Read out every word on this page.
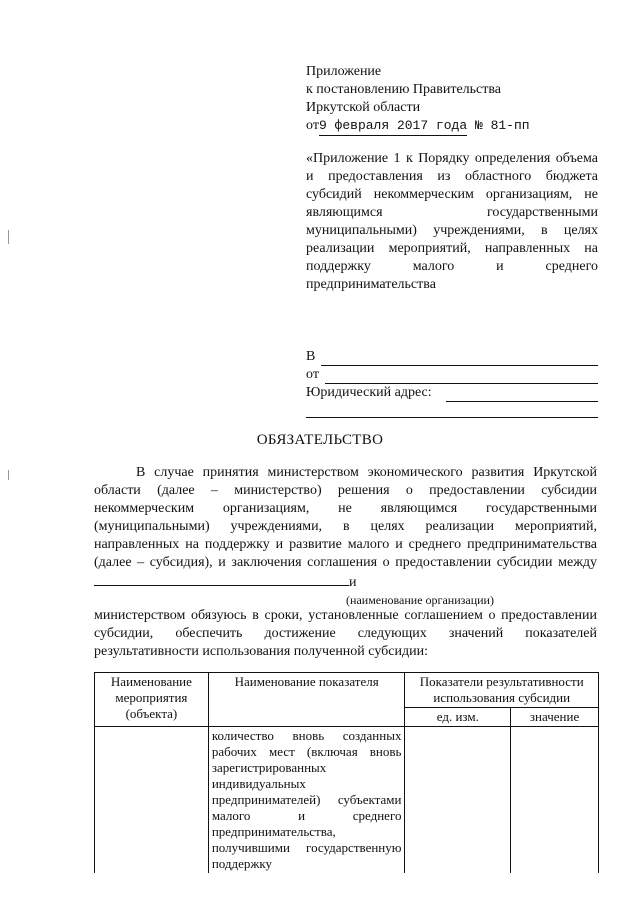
Приложение
к постановлению Правительства
Иркутской области
от9 февраля 2017 года № 81-пп

«Приложение 1 к Порядку определения объема и предоставления из областного бюджета субсидий некоммерческим организациям, не являющимся государственными муниципальными) учреждениями, в целях реализации мероприятий, направленных на поддержку малого и среднего предпринимательства

В
от
Юридический адрес:
ОБЯЗАТЕЛЬСТВО

В случае принятия министерством экономического развития Иркутской области (далее – министерство) решения о предоставлении субсидии некоммерческим организациям, не являющимся государственными (муниципальными) учреждениями, в целях реализации мероприятий, направленных на поддержку и развитие малого и среднего предпринимательства (далее – субсидия), и заключения соглашения о предоставлении субсидии между и

(наименование организации)

министерством обязуюсь в сроки, установленные соглашением о предоставлении субсидии, обеспечить достижение следующих значений показателей результативности использования полученной субсидии:

Наименование мероприятия (объекта)	Наименование показателя	Показатели результативности использования субсидии	
		ед. изм.	значение
	количество вновь созданных рабочих мест (включая вновь зарегистрированных индивидуальных предпринимателей) субъектами малого и среднего предпринимательства, получившими государственную поддержку		
